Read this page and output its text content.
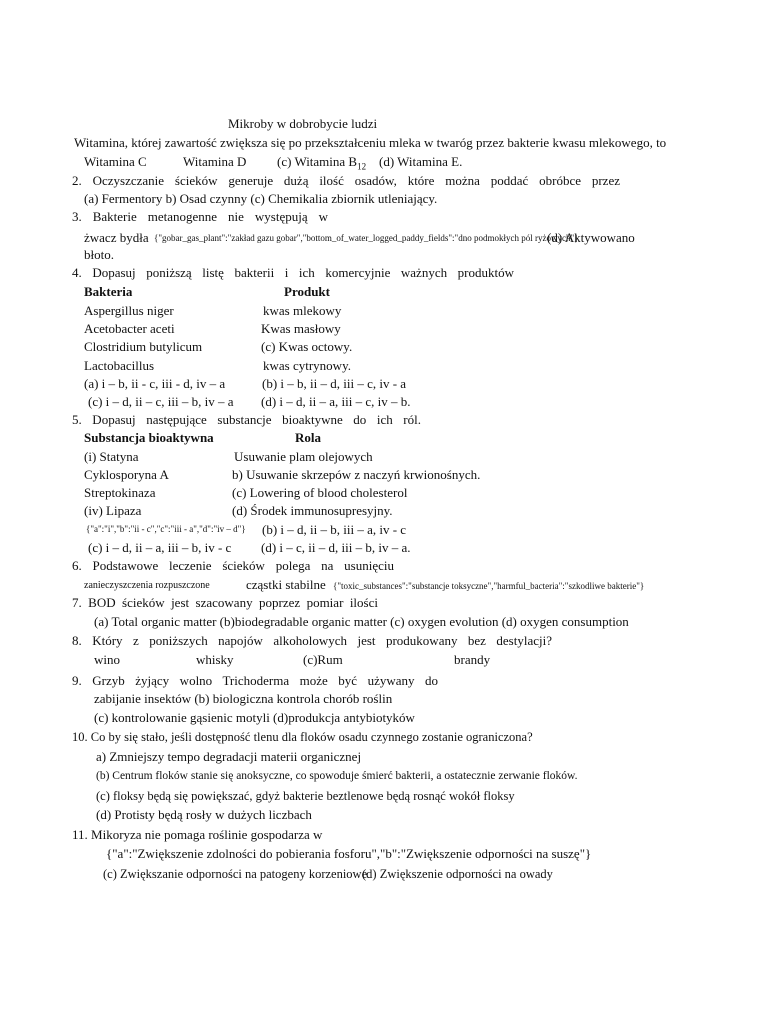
Mikroby w dobrobycie ludzi
Witamina, której zawartość zwiększa się po przekształceniu mleka w twaróg przez bakterie kwasu mlekowego, to
Witamina C	Witamina D (c) Witamina $B_{12}$ (d) Witamina E.
2. Oczyszczanie ścieków generuje dużą ilość osadów, które można poddać obróbce przez
(a) Fermentory b) Osad czynny (c) Chemikalia zbiornik utleniający.
3. Bakterie metanogenne nie występują w
żwacz bydła {"gobar_gas_plant":"zakład gazu gobar","bottom_of_water_logged_paddy_fields":"dno podmokłych pól ryżowych"}
(d) Aktywowano
błoto.
4. Dopasuj poniższą listę bakterii i ich komercyjnie ważnych produktów
Bakteria	Produkt
Aspergillus niger	kwas mlekowy
Acetobacter aceti	Kwas masłowy
Clostridium butylicum	(c) Kwas octowy.
Lactobacillus	kwas cytrynowy.
(a) i – b, ii - c, iii - d, iv – a	(b) i – b, ii – d, iii – c, iv - a
(c) i – d, ii – c, iii – b, iv – a (d) i – d, ii – a, iii – c, iv – b.
5. Dopasuj następujące substancje bioaktywne do ich ról.
Substancja bioaktywna	Rola
(i) Statyna	Usuwanie plam olejowych
Cyklosporyna A	b) Usuwanie skrzepów z naczyń krwionośnych.
Streptokinaza	(c) Lowering of blood cholesterol
(iv) Lipaza	(d) Środek immunosupresyjny.
{"a":"i","b":"ii - c","c":"iii - a","d":"iv – d"} (b) i – d, ii – b, iii – a, iv - c
(c) i – d, ii – a, iii – b, iv - c (d) i – c, ii – d, iii – b, iv – a.
6. Podstawowe leczenie ścieków polega na usunięciu
zanieczyszczenia rozpuszczone	cząstki stabilne {"toxic_substances":"substancje toksyczne","harmful_bacteria":"szkodliwe bakterie"}
7. BOD ścieków jest szacowany poprzez pomiar ilości
(a) Total organic matter (b)biodegradable organic matter (c) oxygen evolution (d) oxygen consumption
8. Który z poniższych napojów alkoholowych jest produkowany bez destylacji?
wino	whisky	(c)Rum	brandy
9. Grzyb żyjący wolno Trichoderma może być używany do
zabijanie insektów (b) biologiczna kontrola chorób roślin
(c) kontrolowanie gąsienic motyli (d)produkcja antybiotyków
10. Co by się stało, jeśli dostępność tlenu dla floków osadu czynnego zostanie ograniczona?
a) Zmniejszy tempo degradacji materii organicznej
(b) Centrum floków stanie się anoksyczne, co spowoduje śmierć bakterii, a ostatecznie zerwanie floków.
(c) floksy będą się powiększać, gdyż bakterie beztlenowe będą rosnąć wokół floksy
(d) Protisty będą rosły w dużych liczbach
11. Mikoryza nie pomaga roślinie gospodarza w
{"a":"Zwiększenie zdolności do pobierania fosforu","b":"Zwiększenie odporności na suszę"}
(c) Zwiększanie odporności na patogeny korzeniowe
(d) Zwiększenie odporności na owady
